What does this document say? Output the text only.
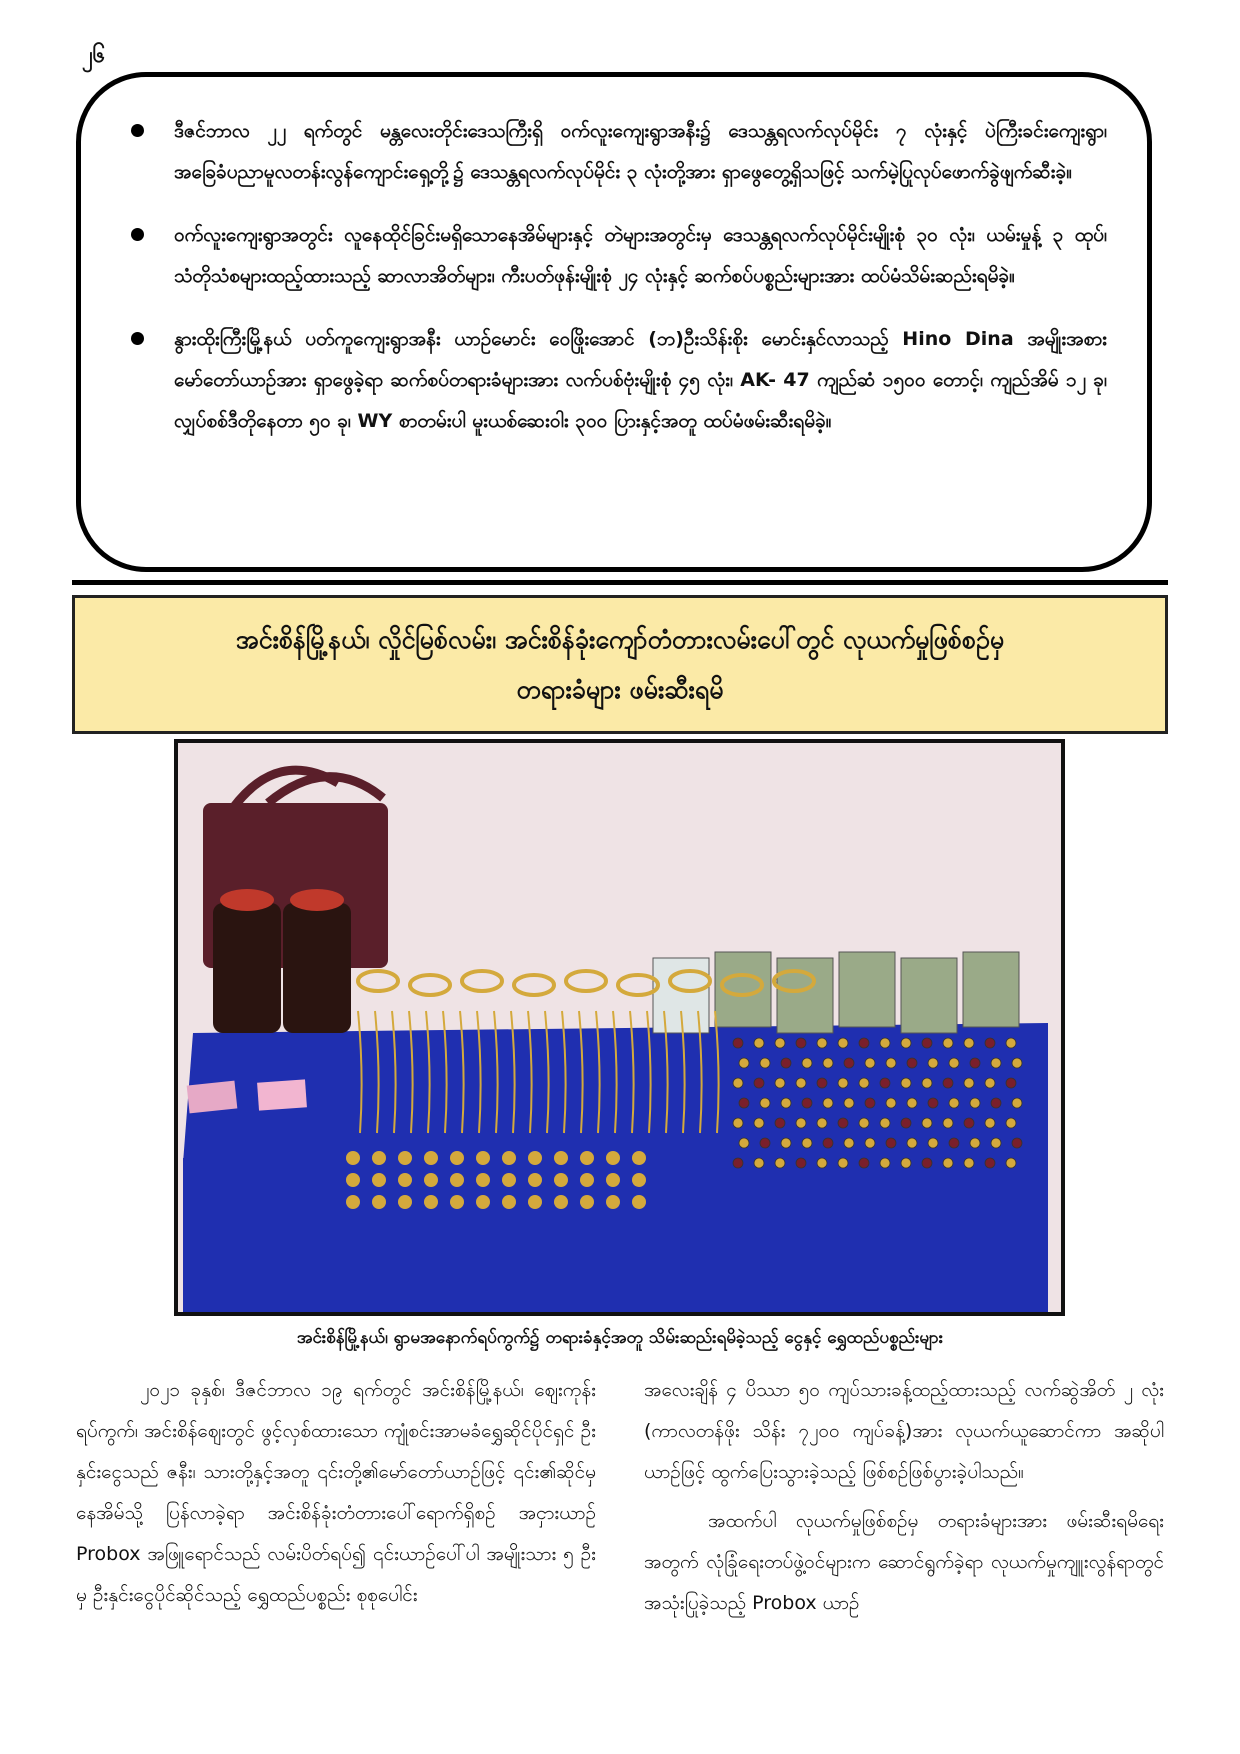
၂၆
ဒီဇင်ဘာလ ၂၂ ရက်တွင် မန္တလေးတိုင်းဒေသကြီးရှိ ဝက်လူးကျေးရွာအနီး၌ ဒေသန္တရလက်လုပ်မိုင်း ၇ လုံးနှင့် ပဲကြီးခင်းကျေးရွာ၊ အခြေခံပညာမူလတန်းလွန်ကျောင်းရှေ့တို့၌ ဒေသန္တရလက်လုပ်မိုင်း ၃ လုံးတို့အား ရှာဖွေတွေ့ရှိသဖြင့် သက်မဲ့ပြုလုပ်ဖောက်ခွဲဖျက်ဆီးခဲ့။
ဝက်လူးကျေးရွာအတွင်း လူနေထိုင်ခြင်းမရှိသောနေအိမ်များနှင့် တဲများအတွင်းမှ ဒေသန္တရလက်လုပ်မိုင်းမျိုးစုံ ၃၀ လုံး၊ ယမ်းမှုန့် ၃ ထုပ်၊ သံတိုသံစများထည့်ထားသည့် ဆာလာအိတ်များ၊ ကီးပတ်ဖုန်းမျိုးစုံ ၂၄ လုံးနှင့် ဆက်စပ်ပစ္စည်းများအား ထပ်မံသိမ်းဆည်းရမိခဲ့။
နွားထိုးကြီးမြို့နယ် ပတ်ကူကျေးရွာအနီး ယာဉ်မောင်း ဝေဖြိုးအောင် (ဘ)ဦးသိန်းစိုး မောင်းနှင်လာသည့် Hino Dina အမျိုးအစား မော်တော်ယာဉ်အား ရှာဖွေခဲ့ရာ ဆက်စပ်တရားခံများအား လက်ပစ်ဗုံးမျိုးစုံ ၄၅ လုံး၊ AK- 47 ကျည်ဆံ ၁၅၀၀ တောင့်၊ ကျည်အိမ် ၁၂ ခု၊ လျှပ်စစ်ဒီတိုနေတာ ၅၀ ခု၊ WY စာတမ်းပါ မူးယစ်ဆေးဝါး ၃၀၀ ပြားနှင့်အတူ ထပ်မံဖမ်းဆီးရမိခဲ့။
အင်းစိန်မြို့နယ်၊ လှိုင်မြစ်လမ်း၊ အင်းစိန်ခုံးကျော်တံတားလမ်းပေါ်တွင် လုယက်မှုဖြစ်စဉ်မှ
တရားခံများ ဖမ်းဆီးရမိ
အင်းစိန်မြို့နယ်၊ ရွာမအနောက်ရပ်ကွက်၌ တရားခံနှင့်အတူ သိမ်းဆည်းရမိခဲ့သည့် ငွေနှင့် ရွှေထည်ပစ္စည်းများ

၂၀၂၁ ခုနှစ်၊ ဒီဇင်ဘာလ ၁၉ ရက်တွင် အင်းစိန်မြို့နယ်၊ ဈေးကုန်းရပ်ကွက်၊ အင်းစိန်ဈေးတွင် ဖွင့်လှစ်ထားသော ကျုံစင်းအာမခံရွှေဆိုင်ပိုင်ရှင် ဦးနှင်းငွေသည် ဇနီး၊ သားတို့နှင့်အတူ ၎င်းတို့၏မော်တော်ယာဉ်ဖြင့် ၎င်း၏ဆိုင်မှ နေအိမ်သို့ ပြန်လာခဲ့ရာ အင်းစိန်ခုံးတံတားပေါ်ရောက်ရှိစဉ် အငှားယာဉ် Probox အဖြူရောင်သည် လမ်းပိတ်ရပ်၍ ၎င်းယာဉ်ပေါ်ပါ အမျိုးသား ၅ ဦးမှ ဦးနှင်းငွေပိုင်ဆိုင်သည့် ရွှေထည်ပစ္စည်း စုစုပေါင်း

အလေးချိန် ၄ ပိဿာ ၅၀ ကျပ်သားခန့်ထည့်ထားသည့် လက်ဆွဲအိတ် ၂ လုံး (ကာလတန်ဖိုး သိန်း ၇၂၀၀ ကျပ်ခန့်)အား လုယက်ယူဆောင်ကာ အဆိုပါယာဉ်ဖြင့် ထွက်ပြေးသွားခဲ့သည့် ဖြစ်စဉ်ဖြစ်ပွားခဲ့ပါသည်။

အထက်ပါ လုယက်မှုဖြစ်စဉ်မှ တရားခံများအား ဖမ်းဆီးရမိရေးအတွက် လုံခြုံရေးတပ်ဖွဲ့ဝင်များက ဆောင်ရွက်ခဲ့ရာ လုယက်မှုကျူးလွန်ရာတွင် အသုံးပြုခဲ့သည့် Probox ယာဉ်
